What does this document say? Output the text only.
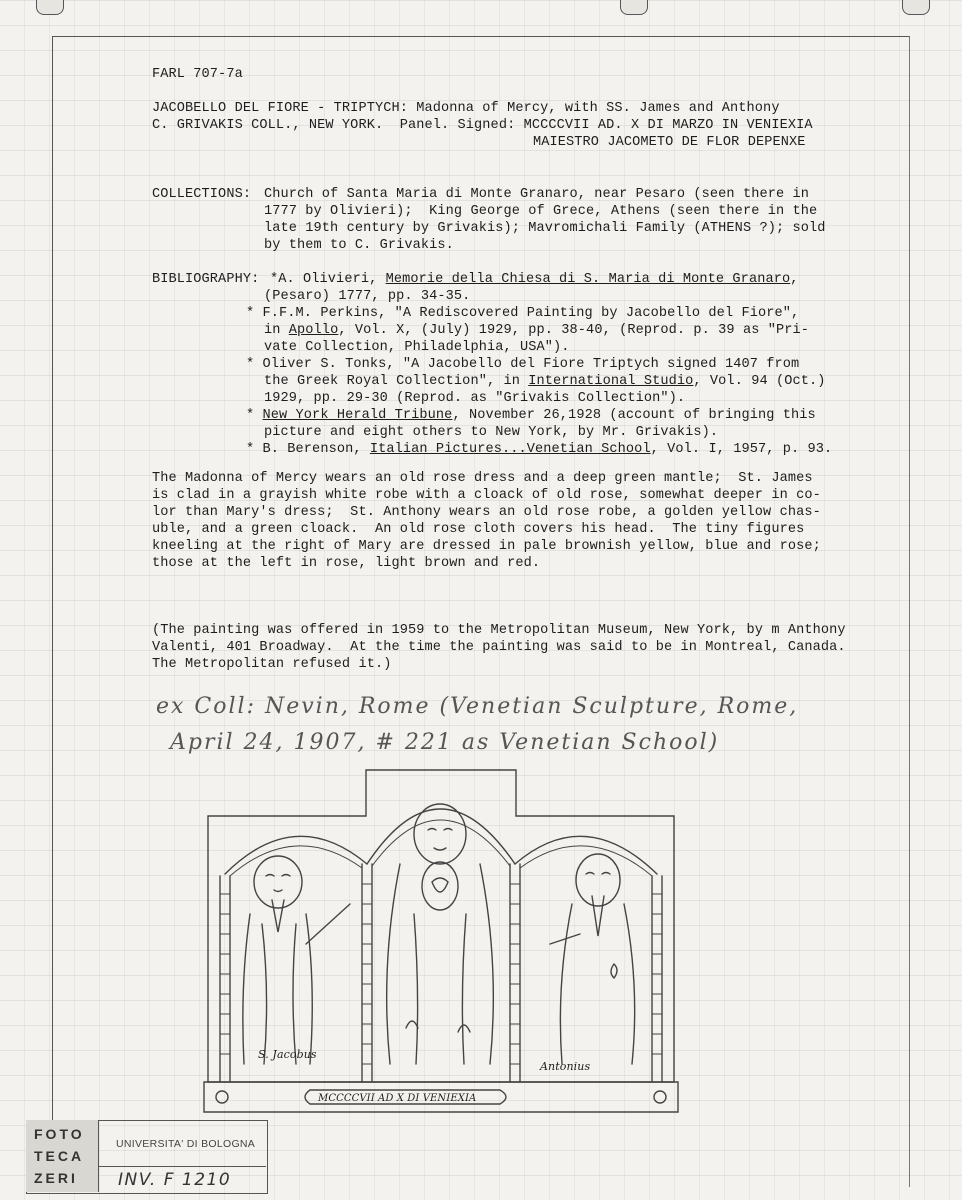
FARL 707-7a
JACOBELLO DEL FIORE - TRIPTYCH: Madonna of Mercy, with SS. James and Anthony
C. GRIVAKIS COLL., NEW YORK.  Panel. Signed: MCCCCVII AD. X DI MARZO IN VENIEXIA
MAIESTRO JACOMETO DE FLOR DEPENXE
COLLECTIONS: Church of Santa Maria di Monte Granaro, near Pesaro (seen there in
1777 by Olivieri);  King George of Grece, Athens (seen there in the
late 19th century by Grivakis); Mavromichali Family (ATHENS ?); sold
by them to C. Grivakis.
BIBLIOGRAPHY: *A. Olivieri, Memorie della Chiesa di S. Maria di Monte Granaro,
(Pesaro) 1777, pp. 34-35.
* F.F.M. Perkins, "A Rediscovered Painting by Jacobello del Fiore",
in Apollo, Vol. X, (July) 1929, pp. 38-40, (Reprod. p. 39 as "Pri-
vate Collection, Philadelphia, USA").
* Oliver S. Tonks, "A Jacobello del Fiore Triptych signed 1407 from
the Greek Royal Collection", in International Studio, Vol. 94 (Oct.)
1929, pp. 29-30 (Reprod. as "Grivakis Collection").
* New York Herald Tribune, November 26,1928 (account of bringing this
picture and eight others to New York, by Mr. Grivakis).
* B. Berenson, Italian Pictures...Venetian School, Vol. I, 1957, p. 93.
The Madonna of Mercy wears an old rose dress and a deep green mantle;  St. James
is clad in a grayish white robe with a cloack of old rose, somewhat deeper in co-
lor than Mary's dress;  St. Anthony wears an old rose robe, a golden yellow chas-
uble, and a green cloack.  An old rose cloth covers his head.  The tiny figures
kneeling at the right of Mary are dressed in pale brownish yellow, blue and rose;
those at the left in rose, light brown and red.
(The painting was offered in 1959 to the Metropolitan Museum, New York, by m Anthony
Valenti, 401 Broadway.  At the time the painting was said to be in Montreal, Canada.
The Metropolitan refused it.)
ex Coll: Nevin, Rome (Venetian Sculpture, Rome,
April 24, 1907, # 221 as Venetian School)
S. Jacobus
Antonius
MCCCCVII AD X DI VENIEXIA
FOTO
TECA
ZERI
UNIVERSITA' DI BOLOGNA
INV. F 1210
